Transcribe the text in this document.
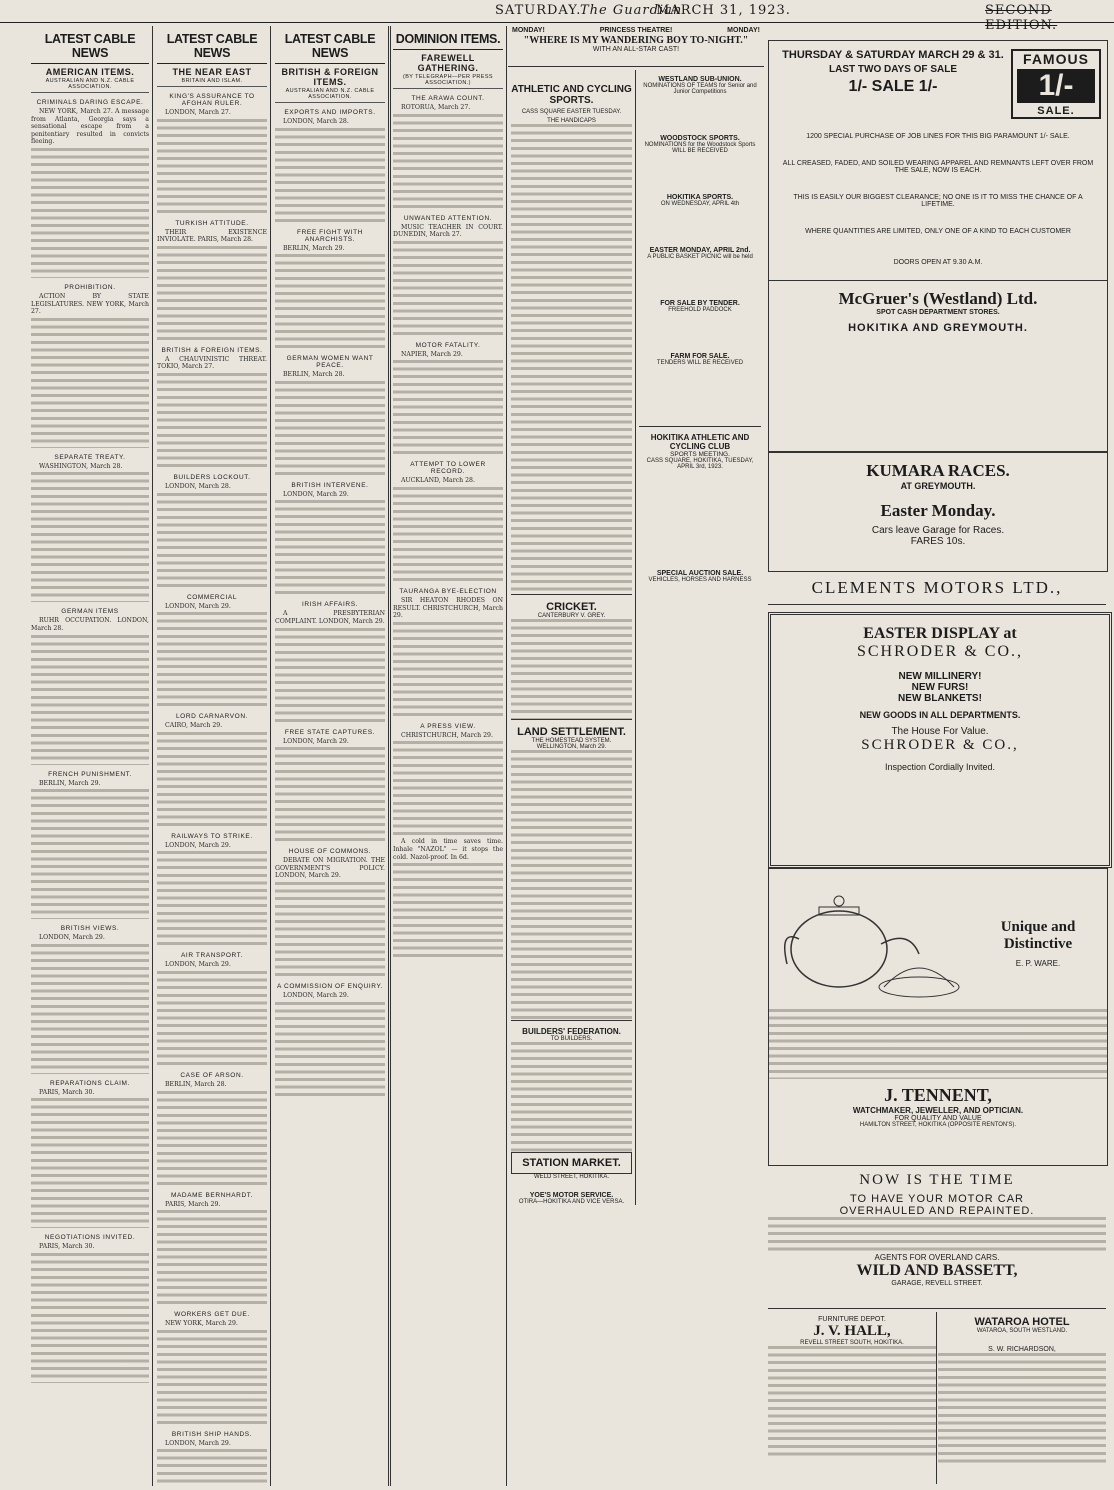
SATURDAY.
The Guardian
MARCH 31, 1923.	SECOND EDITION.
LATEST CABLE NEWS
AMERICAN ITEMS.
AUSTRALIAN AND N.Z. CABLE ASSOCIATION.
CRIMINALS DARING ESCAPE.

NEW YORK, March 27. A message from Atlanta, Georgia says a sensational escape from a penitentiary resulted in convicts fleeing.

PROHIBITION.

ACTION BY STATE LEGISLATURES. NEW YORK, March 27.

SEPARATE TREATY.

WASHINGTON, March 28.

GERMAN ITEMS

RUHR OCCUPATION. LONDON, March 28.

FRENCH PUNISHMENT.

BERLIN, March 29.

BRITISH VIEWS.

LONDON, March 29.

REPARATIONS CLAIM.

PARIS, March 30.

NEGOTIATIONS INVITED.

PARIS, March 30.

LATEST CABLE NEWS
THE NEAR EAST
BRITAIN AND ISLAM.
KING'S ASSURANCE TO AFGHAN RULER.

LONDON, March 27.

TURKISH ATTITUDE.

THEIR EXISTENCE INVIOLATE. PARIS, March 28.

BRITISH & FOREIGN ITEMS.

A CHAUVINISTIC THREAT. TOKIO, March 27.

BUILDERS LOCKOUT.

LONDON, March 28.

COMMERCIAL

LONDON, March 29.

LORD CARNARVON.

CAIRO, March 29.

RAILWAYS TO STRIKE.

LONDON, March 29.

AIR TRANSPORT.

LONDON, March 29.

CASE OF ARSON.

BERLIN, March 28.

MADAME BERNHARDT.

PARIS, March 29.

WORKERS GET DUE.

NEW YORK, March 29.

BRITISH SHIP HANDS.

LONDON, March 29.

LATEST CABLE NEWS
BRITISH & FOREIGN ITEMS.
AUSTRALIAN AND N.Z. CABLE ASSOCIATION.
EXPORTS AND IMPORTS.

LONDON, March 28.

FREE FIGHT WITH ANARCHISTS.

BERLIN, March 29.

GERMAN WOMEN WANT PEACE.

BERLIN, March 28.

BRITISH INTERVENE.

LONDON, March 29.

IRISH AFFAIRS.

A PRESBYTERIAN COMPLAINT. LONDON, March 29.

FREE STATE CAPTURES.

LONDON, March 29.

HOUSE OF COMMONS.

DEBATE ON MIGRATION. THE GOVERNMENT'S POLICY. LONDON, March 29.

A COMMISSION OF ENQUIRY.

LONDON, March 29.

DOMINION ITEMS.
FAREWELL GATHERING.
(BY TELEGRAPH—PER PRESS ASSOCIATION.)
THE ARAWA COUNT.

ROTORUA, March 27.

UNWANTED ATTENTION.

MUSIC TEACHER IN COURT. DUNEDIN, March 27.

MOTOR FATALITY.

NAPIER, March 29.

ATTEMPT TO LOWER RECORD.

AUCKLAND, March 28.

TAURANGA BYE-ELECTION

SIR HEATON RHODES ON RESULT. CHRISTCHURCH, March 29.

A PRESS VIEW.

CHRISTCHURCH, March 29.

A cold in time saves time. Inhale "NAZOL" — it stops the cold. Nazol-proof. In 6d.

MONDAY!	PRINCESS THEATRE!	MONDAY!
"WHERE IS MY WANDERING BOY TO-NIGHT."
WITH AN ALL-STAR CAST!
ATHLETIC AND CYCLING SPORTS.
CASS SQUARE EASTER TUESDAY.
THE HANDICAPS

CRICKET.
CANTERBURY V. GREY.

LAND SETTLEMENT.
THE HOMESTEAD SYSTEM. WELLINGTON, March 29.

BUILDERS' FEDERATION.
TO BUILDERS.

STATION MARKET.
WELD STREET, HOKITIKA.
YOE'S MOTOR SERVICE.
OTIRA—HOKITIKA AND VICE VERSA.
WESTLAND SUB-UNION.
NOMINATIONS OF TEAMS for Senior and Junior Competitions
WOODSTOCK SPORTS.
NOMINATIONS for the Woodstock Sports WILL BE RECEIVED
HOKITIKA SPORTS.
ON WEDNESDAY, APRIL 4th
EASTER MONDAY, APRIL 2nd.
A PUBLIC BASKET PICNIC will be held
FOR SALE BY TENDER.
FREEHOLD PADDOCK
FARM FOR SALE.
TENDERS WILL BE RECEIVED
HOKITIKA ATHLETIC AND CYCLING CLUB
SPORTS MEETING.
CASS SQUARE, HOKITIKA, TUESDAY, APRIL 3rd, 1923.
SPECIAL AUCTION SALE.
VEHICLES, HORSES AND HARNESS
THURSDAY & SATURDAY MARCH 29 & 31.
LAST TWO DAYS OF SALE
1/- SALE 1/-
FAMOUS
1/-
SALE.
1200 SPECIAL PURCHASE OF JOB LINES FOR THIS BIG PARAMOUNT 1/- SALE.
ALL CREASED, FADED, AND SOILED WEARING APPAREL AND REMNANTS LEFT OVER FROM THE SALE, NOW IS EACH.
THIS IS EASILY OUR BIGGEST CLEARANCE; NO ONE IS IT TO MISS THE CHANCE OF A LIFETIME.
WHERE QUANTITIES ARE LIMITED, ONLY ONE OF A KIND TO EACH CUSTOMER
DOORS OPEN AT 9.30 A.M.
McGruer's (Westland) Ltd.
SPOT CASH DEPARTMENT STORES.
HOKITIKA AND GREYMOUTH.
KUMARA RACES.
AT GREYMOUTH.
Easter Monday.
Cars leave Garage for Races.
FARES 10s.
CLEMENTS MOTORS LTD.,
EASTER DISPLAY at
SCHRODER & CO.,
NEW MILLINERY!
NEW FURS!
NEW BLANKETS!
NEW GOODS IN ALL DEPARTMENTS.
The House For Value.
SCHRODER & CO.,
Inspection Cordially Invited.
Unique and Distinctive
E. P. WARE.

J. TENNENT,
WATCHMAKER, JEWELLER, AND OPTICIAN.
FOR QUALITY AND VALUE
HAMILTON STREET, HOKITIKA (OPPOSITE RENTON'S).
NOW IS THE TIME
TO HAVE YOUR MOTOR CAR
OVERHAULED AND REPAINTED.

AGENTS FOR OVERLAND CARS.
WILD AND BASSETT,
GARAGE, REVELL STREET.
FURNITURE DEPOT.
J. V. HALL,
REVELL STREET SOUTH, HOKITIKA.

WATAROA HOTEL
WATAROA, SOUTH WESTLAND.
S. W. RICHARDSON,
